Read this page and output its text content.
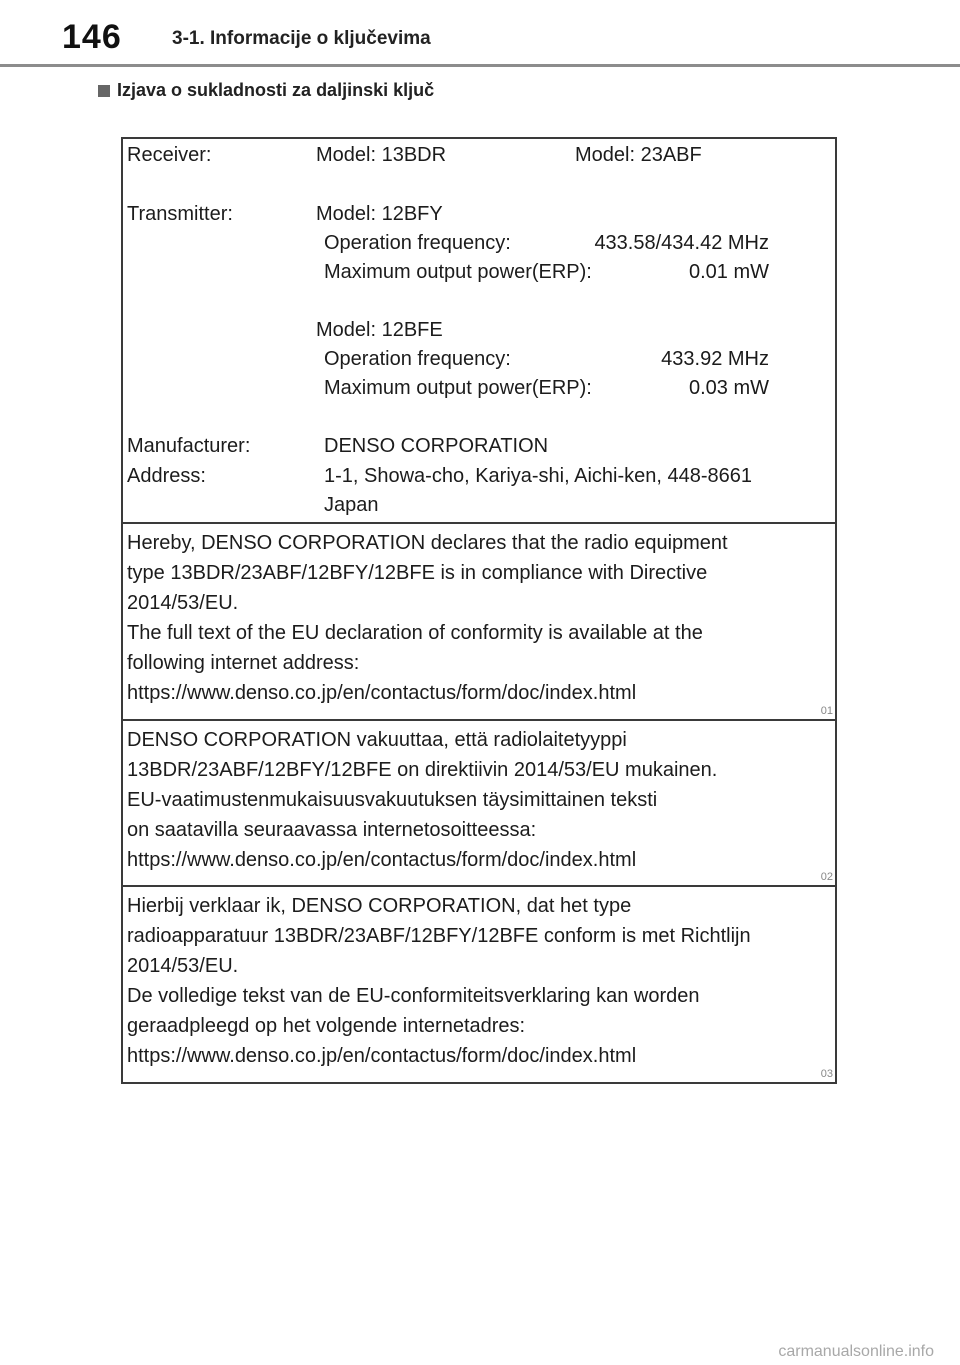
146	3-1. Informacije o ključevima
Izjava o sukladnosti za daljinski ključ
Receiver:	Model: 13BDR	Model: 23ABF
Transmitter:	Model: 12BFY
Operation frequency:	433.58/434.42 MHz
Maximum output power(ERP):	0.01 mW
Model: 12BFE
Operation frequency:	433.92 MHz
Maximum output power(ERP):	0.03 mW
Manufacturer:	DENSO CORPORATION
Address:	1-1, Showa-cho, Kariya-shi, Aichi-ken, 448-8661
Japan
Hereby, DENSO CORPORATION declares that the radio equipment
type 13BDR/23ABF/12BFY/12BFE is in compliance with Directive
2014/53/EU.
The full text of the EU declaration of conformity is available at the
following internet address:
https://www.denso.co.jp/en/contactus/form/doc/index.html
01
DENSO CORPORATION vakuuttaa, että radiolaitetyyppi
13BDR/23ABF/12BFY/12BFE on direktiivin 2014/53/EU mukainen.
EU-vaatimustenmukaisuusvakuutuksen täysimittainen teksti
on saatavilla seuraavassa internetosoitteessa:
https://www.denso.co.jp/en/contactus/form/doc/index.html
02
Hierbij verklaar ik, DENSO CORPORATION, dat het type
radioapparatuur 13BDR/23ABF/12BFY/12BFE conform is met Richtlijn
2014/53/EU.
De volledige tekst van de EU-conformiteitsverklaring kan worden
geraadpleegd op het volgende internetadres:
https://www.denso.co.jp/en/contactus/form/doc/index.html
03
carmanualsonline.info
